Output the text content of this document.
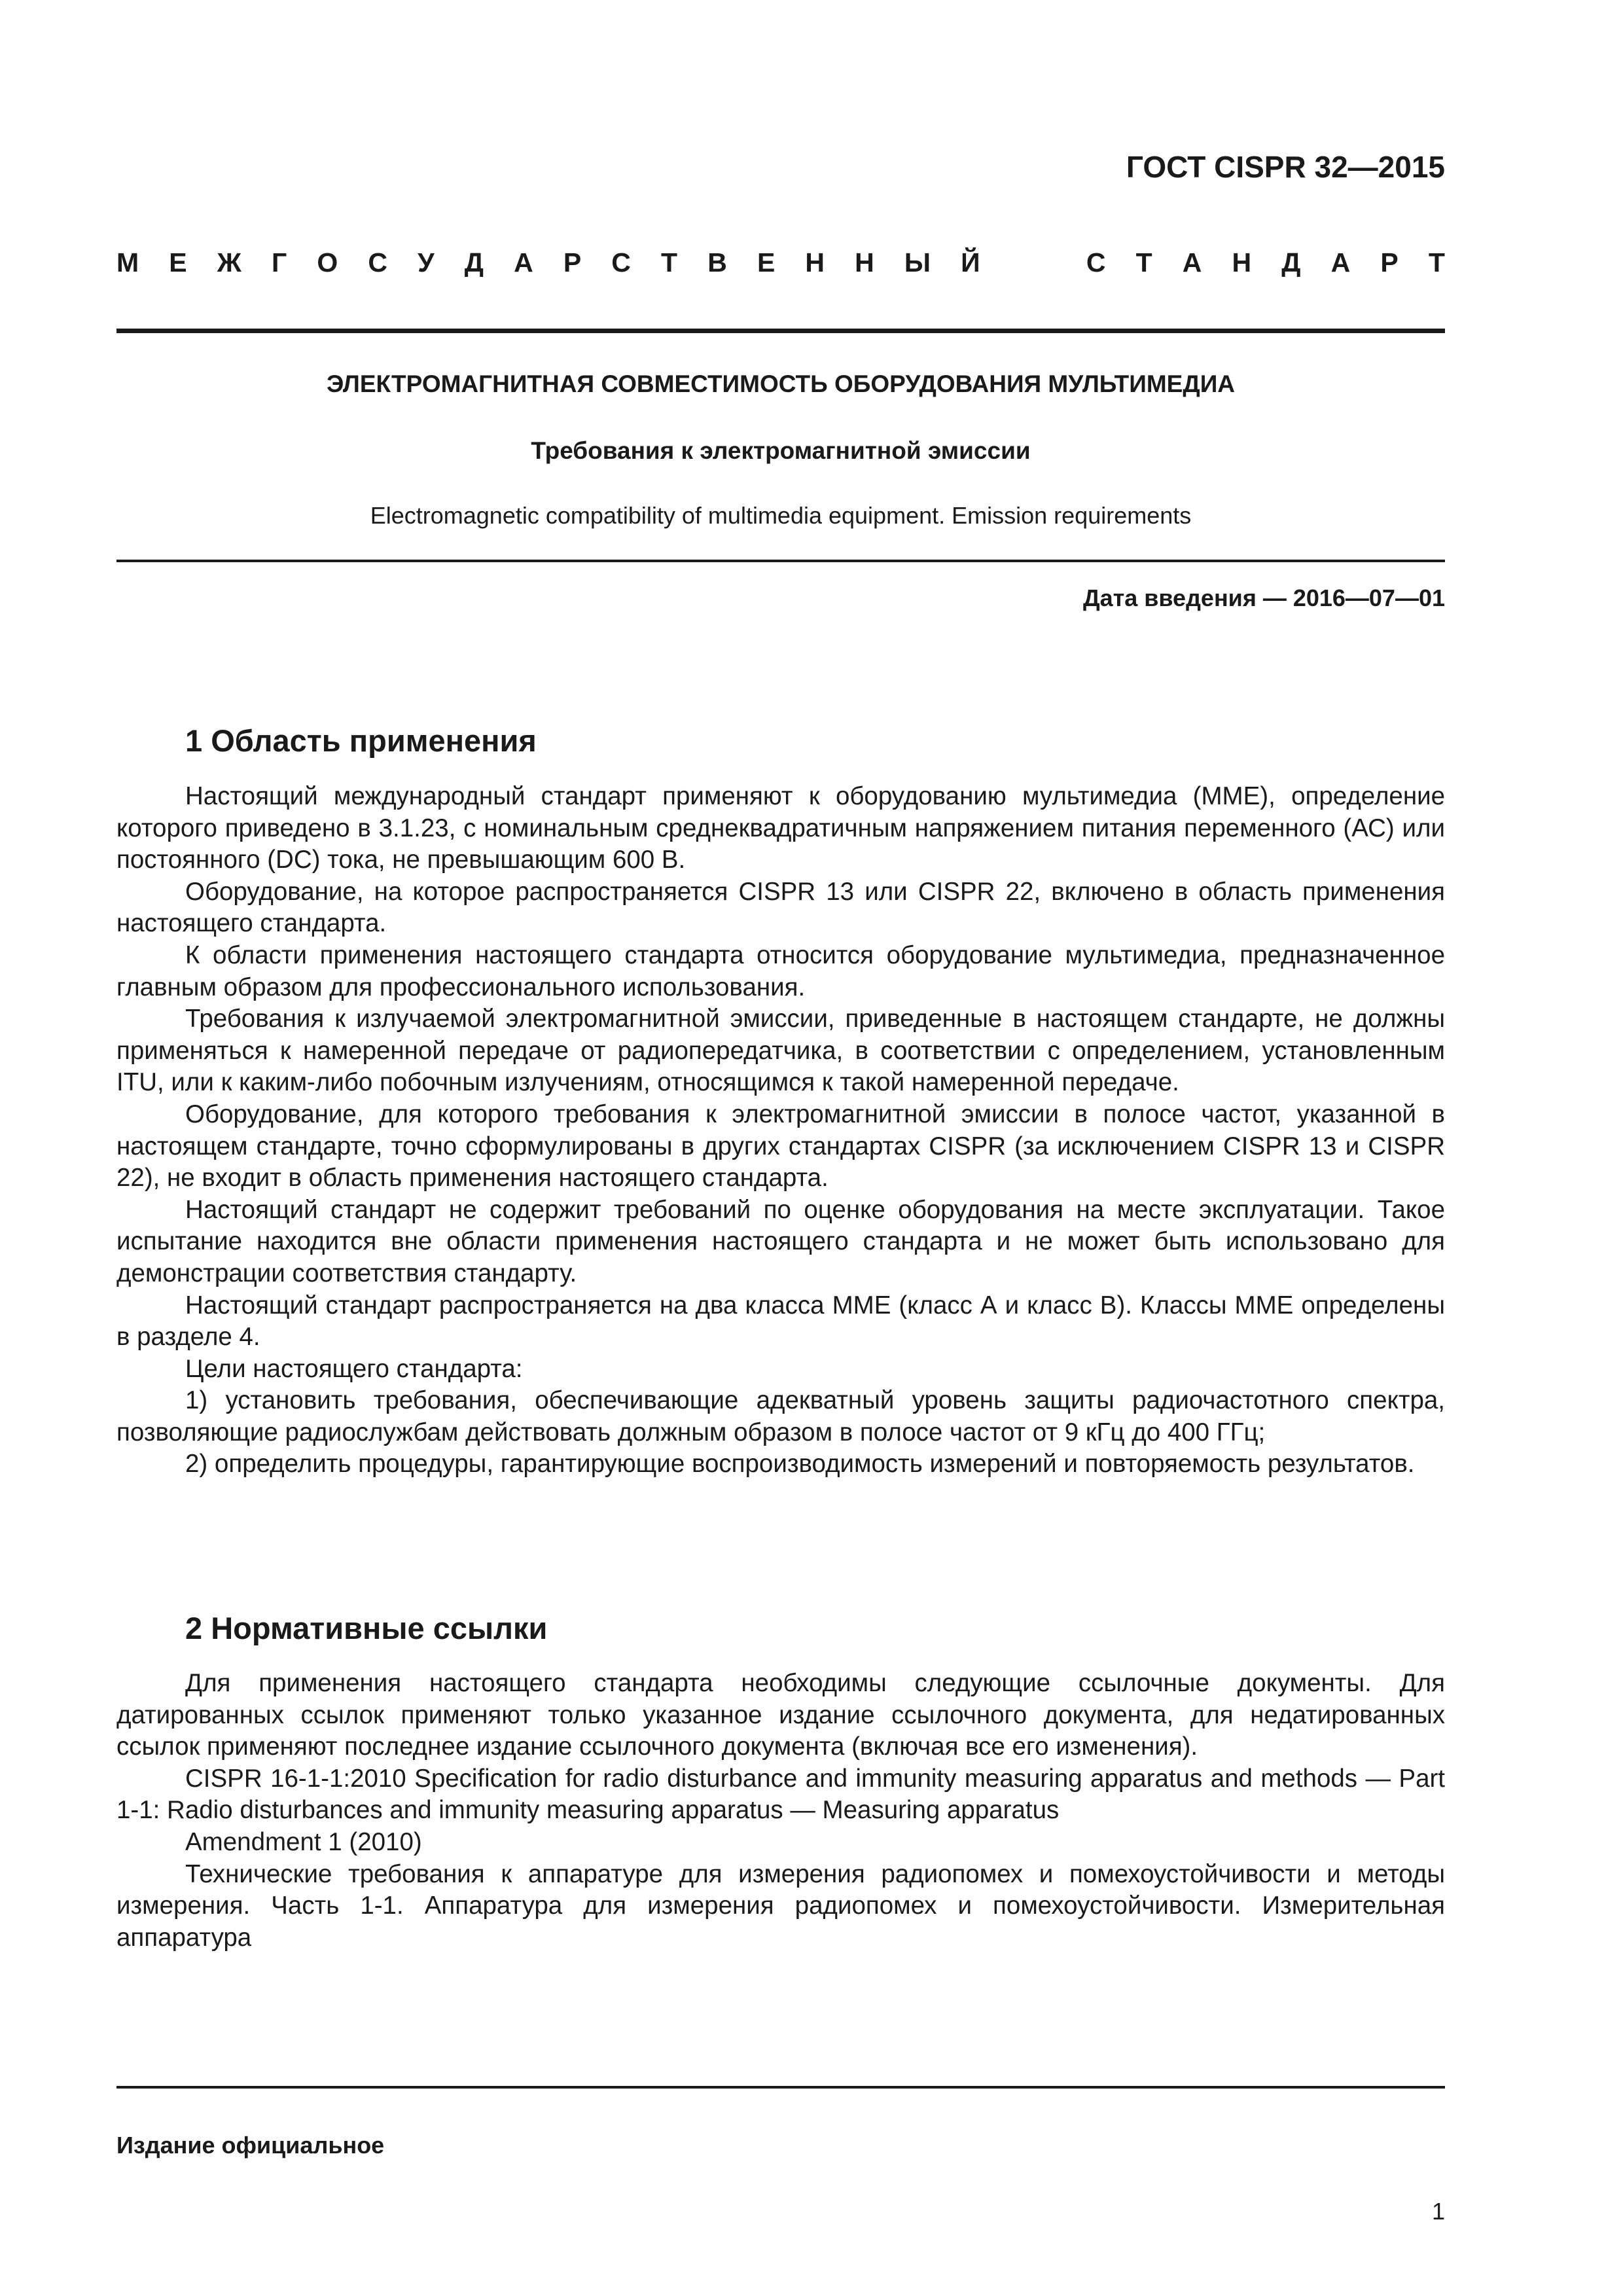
ГОСТ CISPR 32—2015
М Е Ж Г О С У Д А Р С Т В Е Н Н Ы Й	С Т А Н Д А Р Т
ЭЛЕКТРОМАГНИТНАЯ СОВМЕСТИМОСТЬ ОБОРУДОВАНИЯ МУЛЬТИМЕДИА
Требования к электромагнитной эмиссии
Electromagnetic compatibility of multimedia equipment. Emission requirements
Дата введения — 2016—07—01
1 Область применения

Настоящий международный стандарт применяют к оборудованию мультимедиа (ММЕ), определение которого приведено в 3.1.23, с номинальным среднеквадратичным напряжением питания переменного (АС) или постоянного (DC) тока, не превышающим 600 В.

Оборудование, на которое распространяется CISPR 13 или CISPR 22, включено в область применения настоящего стандарта.

К области применения настоящего стандарта относится оборудование мультимедиа, предназначенное главным образом для профессионального использования.

Требования к излучаемой электромагнитной эмиссии, приведенные в настоящем стандарте, не должны применяться к намеренной передаче от радиопередатчика, в соответствии с определением, установленным ITU, или к каким-либо побочным излучениям, относящимся к такой намеренной передаче.

Оборудование, для которого требования к электромагнитной эмиссии в полосе частот, указанной в настоящем стандарте, точно сформулированы в других стандартах CISPR (за исключением CISPR 13 и CISPR 22), не входит в область применения настоящего стандарта.

Настоящий стандарт не содержит требований по оценке оборудования на месте эксплуатации. Такое испытание находится вне области применения настоящего стандарта и не может быть использовано для демонстрации соответствия стандарту.

Настоящий стандарт распространяется на два класса ММЕ (класс А и класс В). Классы ММЕ определены в разделе 4.

Цели настоящего стандарта:

1) установить требования, обеспечивающие адекватный уровень защиты радиочастотного спектра, позволяющие радиослужбам действовать должным образом в полосе частот от 9 кГц до 400 ГГц;

2) определить процедуры, гарантирующие воспроизводимость измерений и повторяемость результатов.

2 Нормативные ссылки

Для применения настоящего стандарта необходимы следующие ссылочные документы. Для датированных ссылок применяют только указанное издание ссылочного документа, для недатированных ссылок применяют последнее издание ссылочного документа (включая все его изменения).

CISPR 16-1-1:2010 Specification for radio disturbance and immunity measuring apparatus and methods — Part 1-1: Radio disturbances and immunity measuring apparatus — Measuring apparatus

Amendment 1 (2010)

Технические требования к аппаратуре для измерения радиопомех и помехоустойчивости и методы измерения. Часть 1-1. Аппаратура для измерения радиопомех и помехоустойчивости. Измерительная аппаратура

Издание официальное
1
